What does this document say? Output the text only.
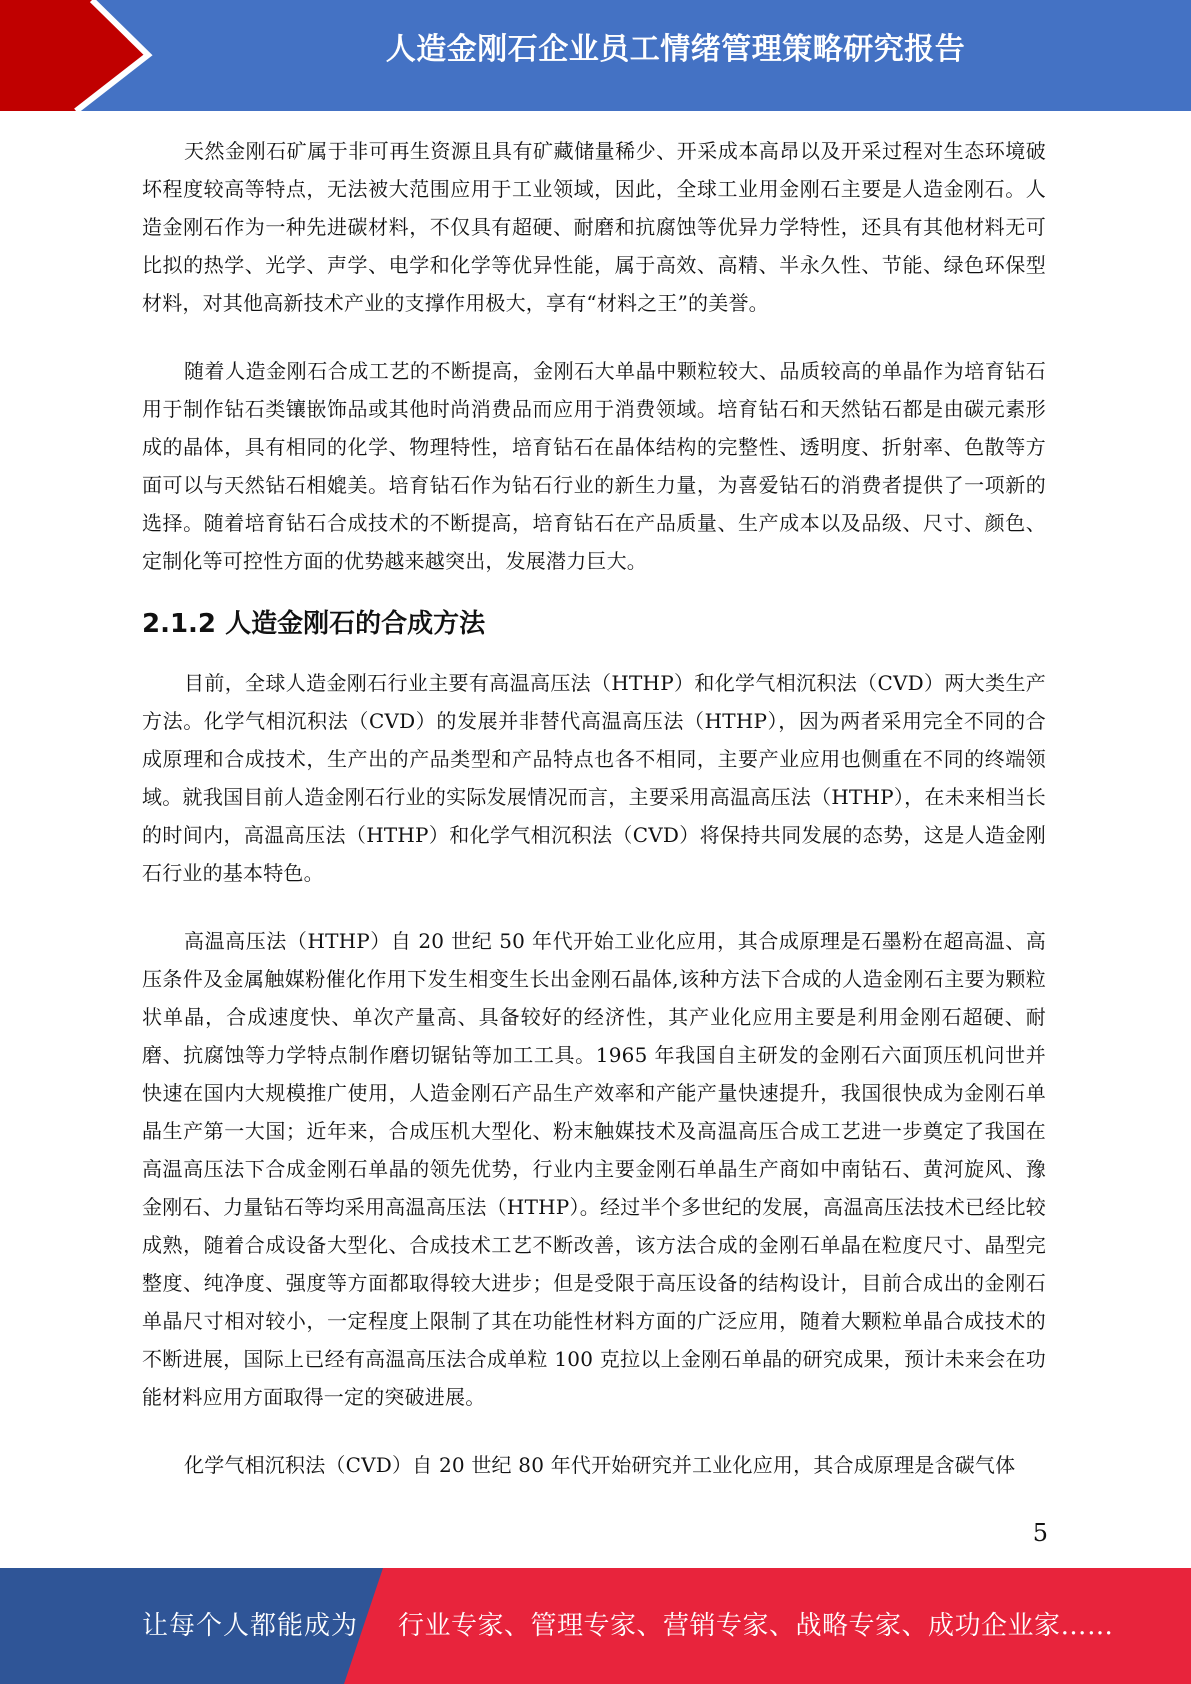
人造金刚石企业员工情绪管理策略研究报告

天然金刚石矿属于非可再生资源且具有矿藏储量稀少、开采成本高昂以及开采过程对生态环境破坏程度较高等特点，无法被大范围应用于工业领域，因此，全球工业用金刚石主要是人造金刚石。人造金刚石作为一种先进碳材料，不仅具有超硬、耐磨和抗腐蚀等优异力学特性，还具有其他材料无可比拟的热学、光学、声学、电学和化学等优异性能，属于高效、高精、半永久性、节能、绿色环保型材料，对其他高新技术产业的支撑作用极大，享有“材料之王”的美誉。

随着人造金刚石合成工艺的不断提高，金刚石大单晶中颗粒较大、品质较高的单晶作为培育钻石用于制作钻石类镶嵌饰品或其他时尚消费品而应用于消费领域。培育钻石和天然钻石都是由碳元素形成的晶体，具有相同的化学、物理特性，培育钻石在晶体结构的完整性、透明度、折射率、色散等方面可以与天然钻石相媲美。培育钻石作为钻石行业的新生力量，为喜爱钻石的消费者提供了一项新的选择。随着培育钻石合成技术的不断提高，培育钻石在产品质量、生产成本以及品级、尺寸、颜色、定制化等可控性方面的优势越来越突出，发展潜力巨大。

2.1.2 人造金刚石的合成方法

目前，全球人造金刚石行业主要有高温高压法（HTHP）和化学气相沉积法（CVD）两大类生产方法。化学气相沉积法（CVD）的发展并非替代高温高压法（HTHP），因为两者采用完全不同的合成原理和合成技术，生产出的产品类型和产品特点也各不相同，主要产业应用也侧重在不同的终端领域。就我国目前人造金刚石行业的实际发展情况而言，主要采用高温高压法（HTHP），在未来相当长的时间内，高温高压法（HTHP）和化学气相沉积法（CVD）将保持共同发展的态势，这是人造金刚石行业的基本特色。

高温高压法（HTHP）自 20 世纪 50 年代开始工业化应用，其合成原理是石墨粉在超高温、高压条件及金属触媒粉催化作用下发生相变生长出金刚石晶体,该种方法下合成的人造金刚石主要为颗粒状单晶，合成速度快、单次产量高、具备较好的经济性，其产业化应用主要是利用金刚石超硬、耐磨、抗腐蚀等力学特点制作磨切锯钻等加工工具。1965 年我国自主研发的金刚石六面顶压机问世并快速在国内大规模推广使用，人造金刚石产品生产效率和产能产量快速提升，我国很快成为金刚石单晶生产第一大国；近年来，合成压机大型化、粉末触媒技术及高温高压合成工艺进一步奠定了我国在高温高压法下合成金刚石单晶的领先优势，行业内主要金刚石单晶生产商如中南钻石、黄河旋风、豫金刚石、力量钻石等均采用高温高压法（HTHP）。经过半个多世纪的发展，高温高压法技术已经比较成熟，随着合成设备大型化、合成技术工艺不断改善，该方法合成的金刚石单晶在粒度尺寸、晶型完整度、纯净度、强度等方面都取得较大进步；但是受限于高压设备的结构设计，目前合成出的金刚石单晶尺寸相对较小，一定程度上限制了其在功能性材料方面的广泛应用，随着大颗粒单晶合成技术的不断进展，国际上已经有高温高压法合成单粒 100 克拉以上金刚石单晶的研究成果，预计未来会在功能材料应用方面取得一定的突破进展。

化学气相沉积法（CVD）自 20 世纪 80 年代开始研究并工业化应用，其合成原理是含碳气体

5
让每个人都能成为 行业专家、管理专家、营销专家、战略专家、成功企业家……
